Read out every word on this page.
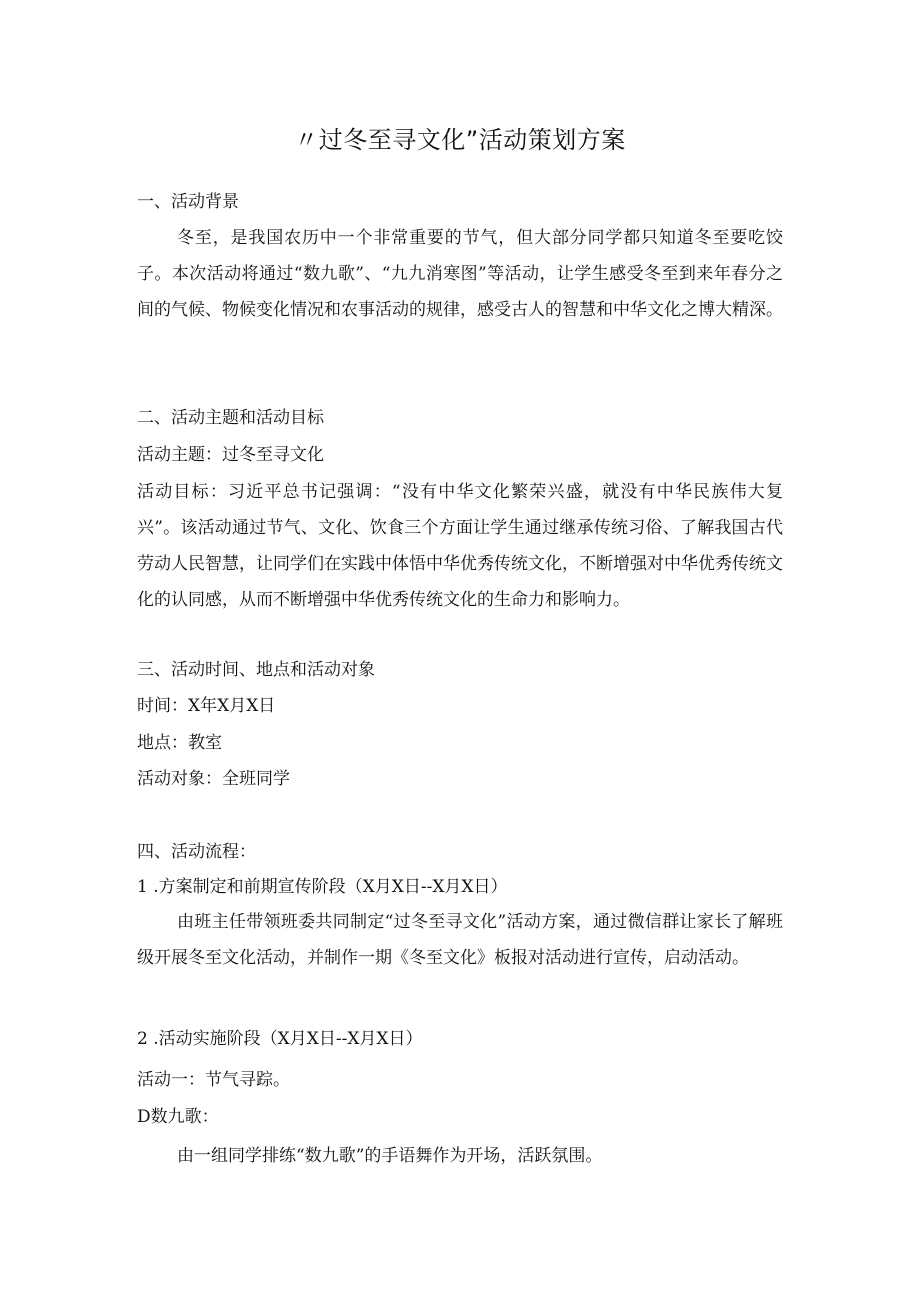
〃过冬至寻文化”活动策划方案
一、活动背景
冬至，是我国农历中一个非常重要的节气，但大部分同学都只知道冬至要吃饺子。本次活动将通过“数九歌”、“九九消寒图”等活动，让学生感受冬至到来年春分之间的气候、物候变化情况和农事活动的规律，感受古人的智慧和中华文化之博大精深。
二、活动主题和活动目标
活动主题：过冬至寻文化
活动目标：习近平总书记强调：“没有中华文化繁荣兴盛，就没有中华民族伟大复兴”。该活动通过节气、文化、饮食三个方面让学生通过继承传统习俗、了解我国古代劳动人民智慧，让同学们在实践中体悟中华优秀传统文化，不断增强对中华优秀传统文化的认同感，从而不断增强中华优秀传统文化的生命力和影响力。
三、活动时间、地点和活动对象
时间：X年X月X日
地点：教室
活动对象：全班同学
四、活动流程：
1 .方案制定和前期宣传阶段（X月X日--X月X日）
由班主任带领班委共同制定“过冬至寻文化”活动方案，通过微信群让家长了解班级开展冬至文化活动，并制作一期《冬至文化》板报对活动进行宣传，启动活动。
2 .活动实施阶段（X月X日--X月X日）
活动一：节气寻踪。
D数九歌：
由一组同学排练“数九歌”的手语舞作为开场，活跃氛围。
